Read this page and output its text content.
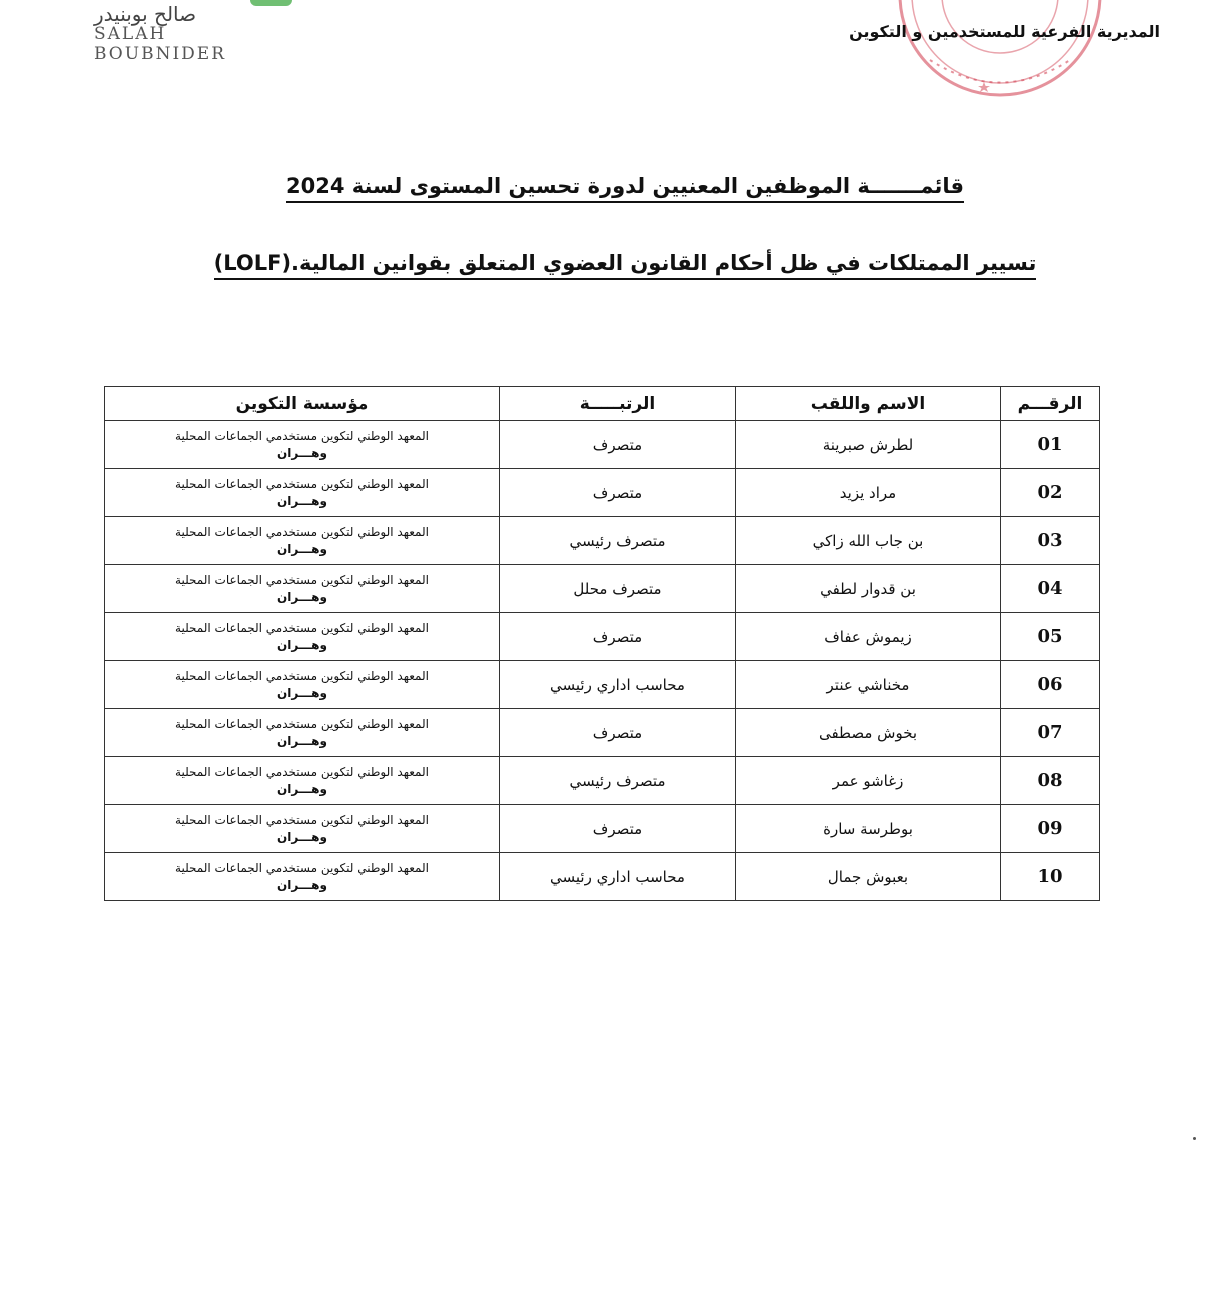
صالح بوبنيدر
SALAH BOUBNIDER
المديرية الفرعية للمستخدمين و التكوين
قائمـــــــة الموظفين المعنيين لدورة تحسين المستوى لسنة 2024
تسيير الممتلكات في ظل أحكام القانون العضوي المتعلق بقوانين المالية.(LOLF)
الرقـــم	الاسم واللقب	الرتبـــــة	مؤسسة التكوين
01	لطرش صبرينة	متصرف	المعهد الوطني لتكوين مستخدمي الجماعات المحلية
وهـــران

02	مراد يزيد	متصرف	المعهد الوطني لتكوين مستخدمي الجماعات المحلية
وهـــران

03	بن جاب الله زاكي	متصرف رئيسي	المعهد الوطني لتكوين مستخدمي الجماعات المحلية
وهـــران

04	بن قدوار لطفي	متصرف محلل	المعهد الوطني لتكوين مستخدمي الجماعات المحلية
وهـــران

05	زيموش عفاف	متصرف	المعهد الوطني لتكوين مستخدمي الجماعات المحلية
وهـــران

06	مخناشي عنتر	محاسب اداري رئيسي	المعهد الوطني لتكوين مستخدمي الجماعات المحلية
وهـــران

07	بخوش مصطفى	متصرف	المعهد الوطني لتكوين مستخدمي الجماعات المحلية
وهـــران

08	زغاشو عمر	متصرف رئيسي	المعهد الوطني لتكوين مستخدمي الجماعات المحلية
وهـــران

09	بوطرسة سارة	متصرف	المعهد الوطني لتكوين مستخدمي الجماعات المحلية
وهـــران

10	بعبوش جمال	محاسب اداري رئيسي	المعهد الوطني لتكوين مستخدمي الجماعات المحلية
وهـــران
